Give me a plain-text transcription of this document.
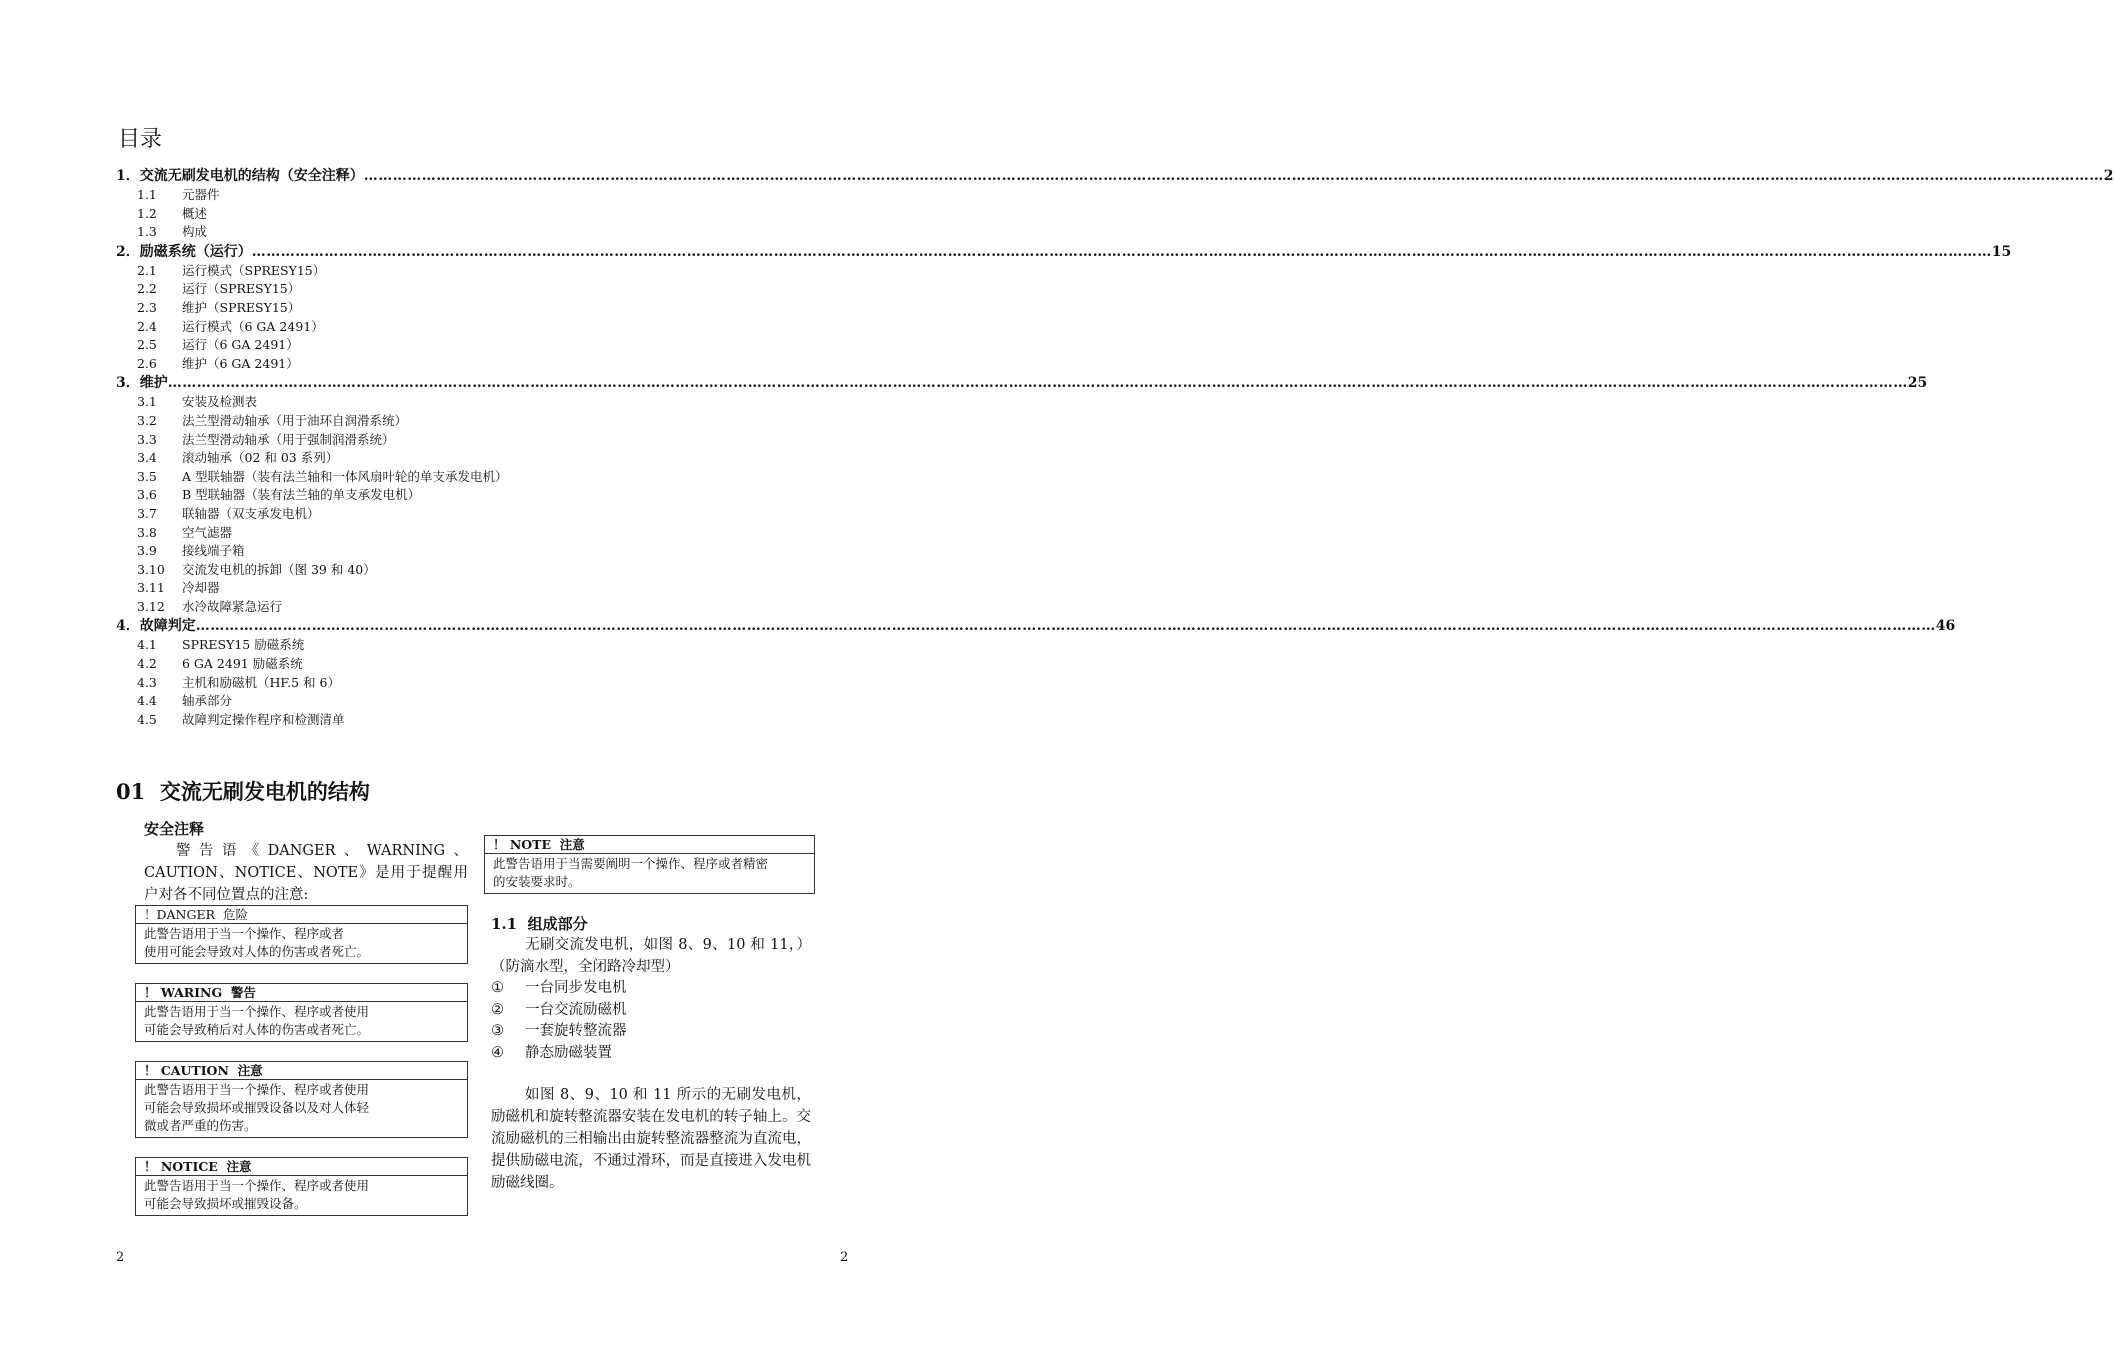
目录
1．交流无刷发电机的结构（安全注释） ……………………………………………………………………………………………………………………………………………………………………………………………………………………………………………………………………………………………………………………………… 2
1.1	元器件
1.2	概述
1.3	构成
2．励磁系统（运行） ……………………………………………………………………………………………………………………………………………………………………………………………………………………………………………………………………………………………………………………………… 15
2.1	运行模式（SPRESY15）
2.2	运行（SPRESY15）
2.3	维护（SPRESY15）
2.4	运行模式（6 GA 2491）
2.5	运行（6 GA 2491）
2.6	维护（6 GA 2491）
3．维护 ……………………………………………………………………………………………………………………………………………………………………………………………………………………………………………………………………………………………………………………………… 25
3.1	安装及检测表
3.2	法兰型滑动轴承（用于油环自润滑系统）
3.3	法兰型滑动轴承（用于强制润滑系统）
3.4	滚动轴承（02 和 03 系列）
3.5	A 型联轴器（装有法兰轴和一体风扇叶轮的单支承发电机）
3.6	B 型联轴器（装有法兰轴的单支承发电机）
3.7	联轴器（双支承发电机）
3.8	空气滤器
3.9	接线端子箱
3.10	交流发电机的拆卸（图 39 和 40）
3.11	冷却器
3.12	水冷故障紧急运行
4．故障判定 ……………………………………………………………………………………………………………………………………………………………………………………………………………………………………………………………………………………………………………………………… 46
4.1	SPRESY15 励磁系统
4.2	6 GA 2491 励磁系统
4.3	主机和励磁机（HF.5 和 6）
4.4	轴承部分
4.5	故障判定操作程序和检测清单
01 交流无刷发电机的结构
安全注释
警告语《DANGER、WARNING、CAUTION、NOTICE、NOTE》是用于提醒用户对各不同位置点的注意:
！DANGER 危险
此警告语用于当一个操作、程序或者
使用可能会导致对人体的伤害或者死亡。
！ WARING 警告
此警告语用于当一个操作、程序或者使用
可能会导致稍后对人体的伤害或者死亡。
！ CAUTION 注意
此警告语用于当一个操作、程序或者使用
可能会导致损坏或摧毁设备以及对人体轻
微或者严重的伤害。
！ NOTICE 注意
此警告语用于当一个操作、程序或者使用
可能会导致损坏或摧毁设备。
！ NOTE 注意
此警告语用于当需要阐明一个操作、程序或者精密
的安装要求时。
1.1 组成部分
无刷交流发电机，如图 8、9、10 和 11，）（防滴水型，全闭路冷却型）
①	一台同步发电机
②	一台交流励磁机
③	一套旋转整流器
④	静态励磁装置
如图 8、9、10 和 11 所示的无刷发电机，励磁机和旋转整流器安装在发电机的转子轴上。交流励磁机的三相输出由旋转整流器整流为直流电，提供励磁电流，不通过滑环，而是直接进入发电机励磁线圈。
2	2
